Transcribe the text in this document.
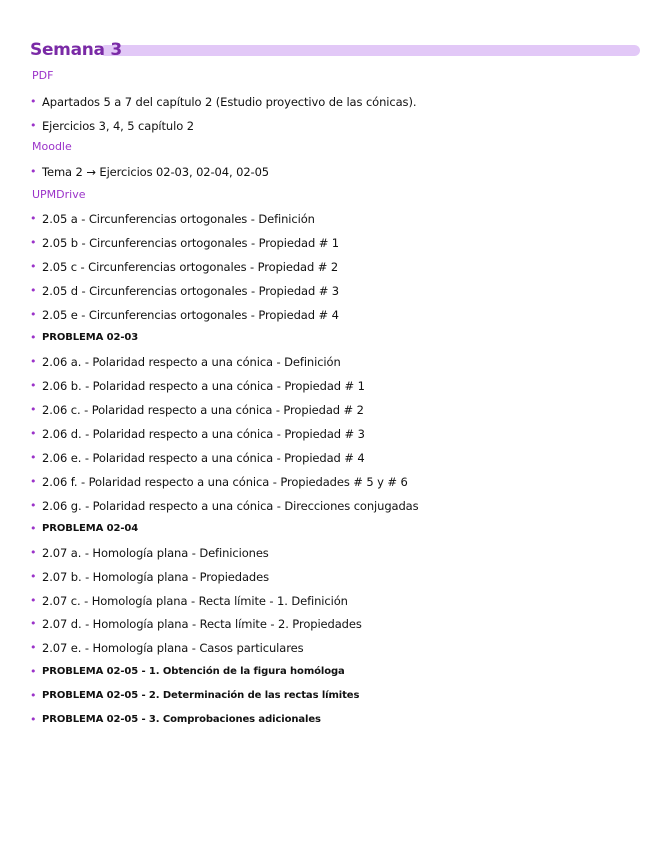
Semana 3
PDF
• Apartados 5 a 7 del capítulo 2 (Estudio proyectivo de las cónicas).
• Ejercicios 3, 4, 5 capítulo 2
Moodle
• Tema 2 → Ejercicios 02-03, 02-04, 02-05
UPMDrive
• 2.05 a - Circunferencias ortogonales - Definición
• 2.05 b - Circunferencias ortogonales - Propiedad # 1
• 2.05 c - Circunferencias ortogonales - Propiedad # 2
• 2.05 d - Circunferencias ortogonales - Propiedad # 3
• 2.05 e - Circunferencias ortogonales - Propiedad # 4
• PROBLEMA 02-03
• 2.06 a. - Polaridad respecto a una cónica - Definición
• 2.06 b. - Polaridad respecto a una cónica - Propiedad # 1
• 2.06 c. - Polaridad respecto a una cónica - Propiedad # 2
• 2.06 d. - Polaridad respecto a una cónica - Propiedad # 3
• 2.06 e. - Polaridad respecto a una cónica - Propiedad # 4
• 2.06 f. - Polaridad respecto a una cónica - Propiedades # 5 y # 6
• 2.06 g. - Polaridad respecto a una cónica - Direcciones conjugadas
• PROBLEMA 02-04
• 2.07 a. - Homología plana - Definiciones
• 2.07 b. - Homología plana - Propiedades
• 2.07 c. - Homología plana - Recta límite - 1. Definición
• 2.07 d. - Homología plana - Recta límite - 2. Propiedades
• 2.07 e. - Homología plana - Casos particulares
• PROBLEMA 02-05 - 1. Obtención de la figura homóloga
• PROBLEMA 02-05 - 2. Determinación de las rectas límites
• PROBLEMA 02-05 - 3. Comprobaciones adicionales
